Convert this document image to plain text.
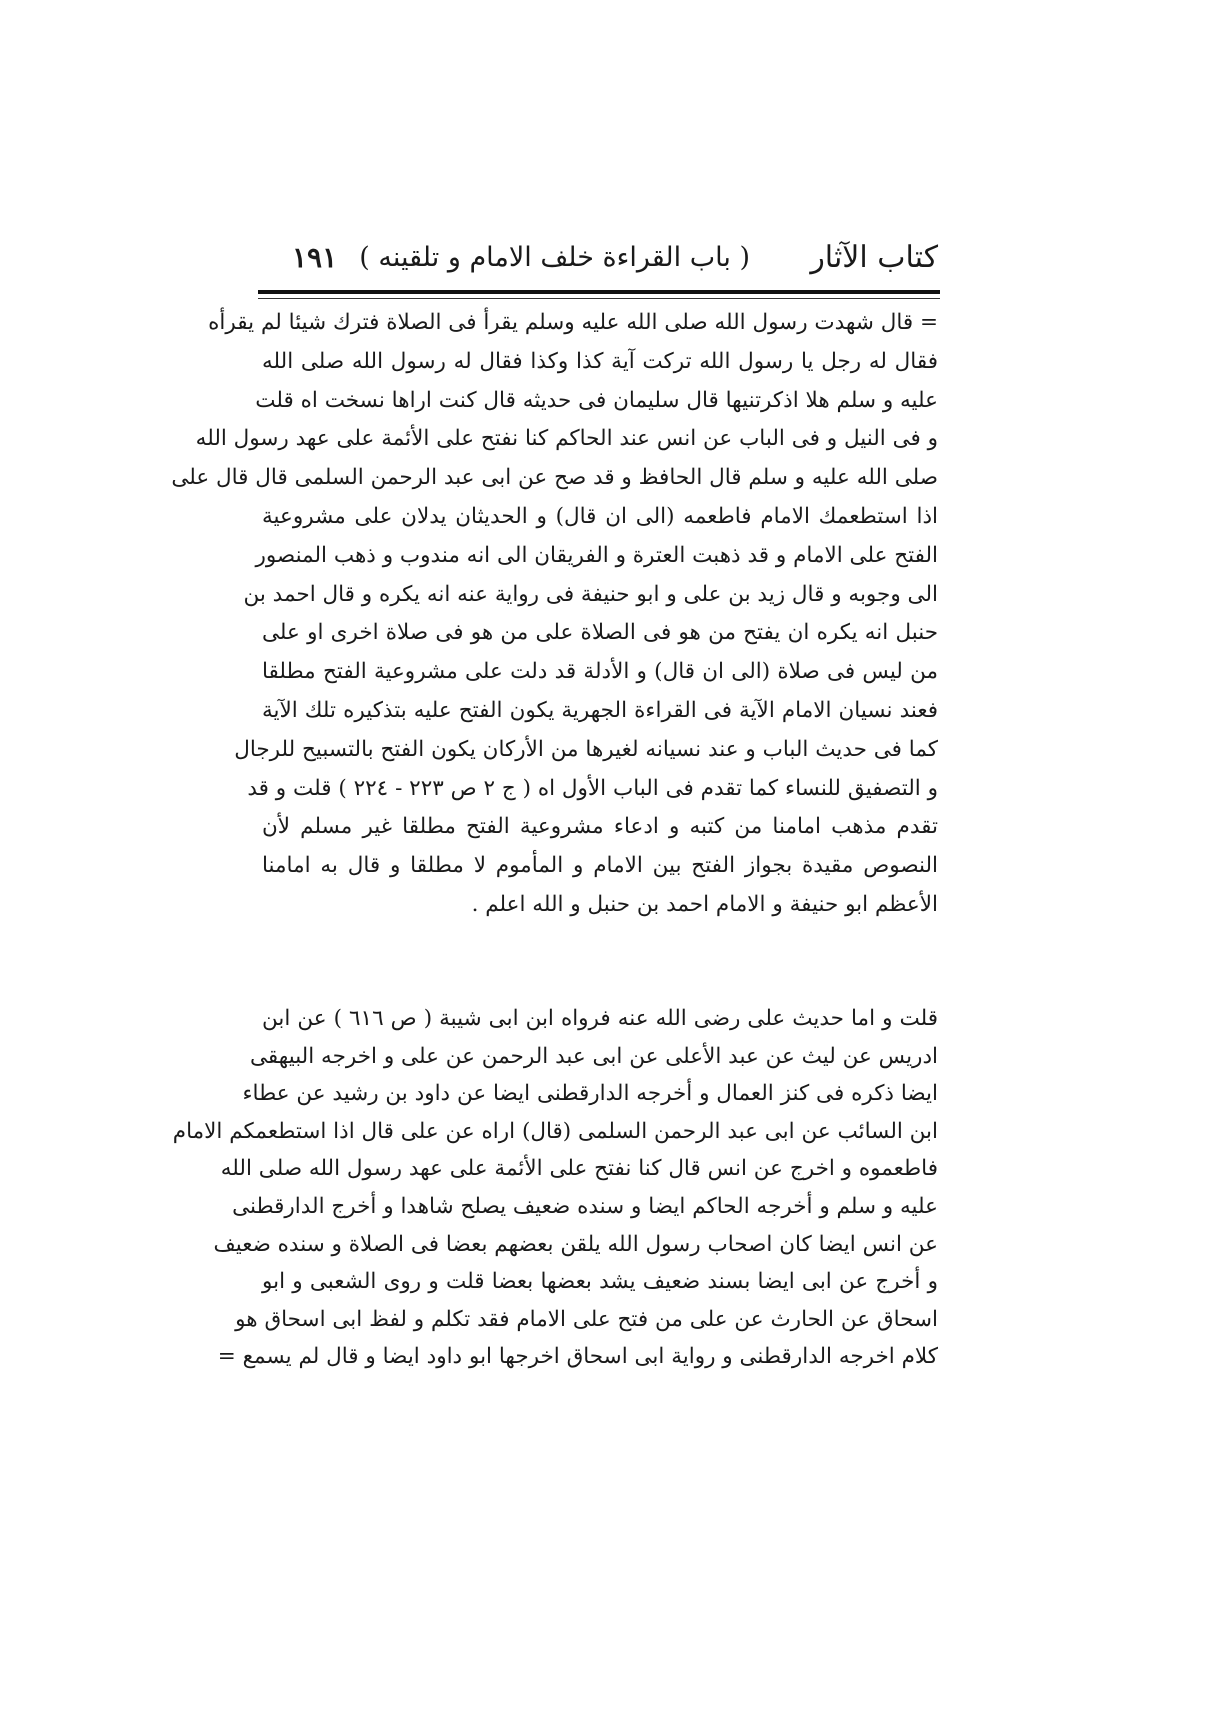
كتاب الآثار
( باب القراءة خلف الامام و تلقينه )
١٩١
= قال شهدت رسول الله صلى الله عليه وسلم يقرأ فى الصلاة فترك شيئا لم يقرأه
فقال له رجل يا رسول الله تركت آية كذا وكذا فقال له رسول الله صلى الله
عليه و سلم هلا اذكرتنيها قال سليمان فى حديثه قال كنت اراها نسخت اه قلت
و فى النيل و فى الباب عن انس عند الحاكم كنا نفتح على الأئمة على عهد رسول الله
صلى الله عليه و سلم قال الحافظ و قد صح عن ابى عبد الرحمن السلمى قال قال على
اذا استطعمك الامام فاطعمه (الى ان قال) و الحديثان يدلان على مشروعية
الفتح على الامام و قد ذهبت العترة و الفريقان الى انه مندوب و ذهب المنصور
الى وجوبه و قال زيد بن على و ابو حنيفة فى رواية عنه انه يكره و قال احمد بن
حنبل انه يكره ان يفتح من هو فى الصلاة على من هو فى صلاة اخرى او على
من ليس فى صلاة (الى ان قال) و الأدلة قد دلت على مشروعية الفتح مطلقا
فعند نسيان الامام الآية فى القراءة الجهرية يكون الفتح عليه بتذكيره تلك الآية
كما فى حديث الباب و عند نسيانه لغيرها من الأركان يكون الفتح بالتسبيح للرجال
و التصفيق للنساء كما تقدم فى الباب الأول اه ( ج ٢ ص ٢٢٣ - ٢٢٤ ) قلت و قد
تقدم مذهب امامنا من كتبه و ادعاء مشروعية الفتح مطلقا غير مسلم لأن
النصوص مقيدة بجواز الفتح بين الامام و المأموم لا مطلقا و قال به امامنا
الأعظم ابو حنيفة و الامام احمد بن حنبل و الله اعلم .
قلت و اما حديث على رضى الله عنه فرواه ابن ابى شيبة ( ص ٦١٦ ) عن ابن
ادريس عن ليث عن عبد الأعلى عن ابى عبد الرحمن عن على و اخرجه البيهقى
ايضا ذكره فى كنز العمال و أخرجه الدارقطنى ايضا عن داود بن رشيد عن عطاء
ابن السائب عن ابى عبد الرحمن السلمى (قال) اراه عن على قال اذا استطعمكم الامام
فاطعموه و اخرج عن انس قال كنا نفتح على الأئمة على عهد رسول الله صلى الله
عليه و سلم و أخرجه الحاكم ايضا و سنده ضعيف يصلح شاهدا و أخرج الدارقطنى
عن انس ايضا كان اصحاب رسول الله يلقن بعضهم بعضا فى الصلاة و سنده ضعيف
و أخرج عن ابى ايضا بسند ضعيف يشد بعضها بعضا قلت و روى الشعبى و ابو
اسحاق عن الحارث عن على من فتح على الامام فقد تكلم و لفظ ابى اسحاق هو
كلام اخرجه الدارقطنى و رواية ابى اسحاق اخرجها ابو داود ايضا و قال لم يسمع =
